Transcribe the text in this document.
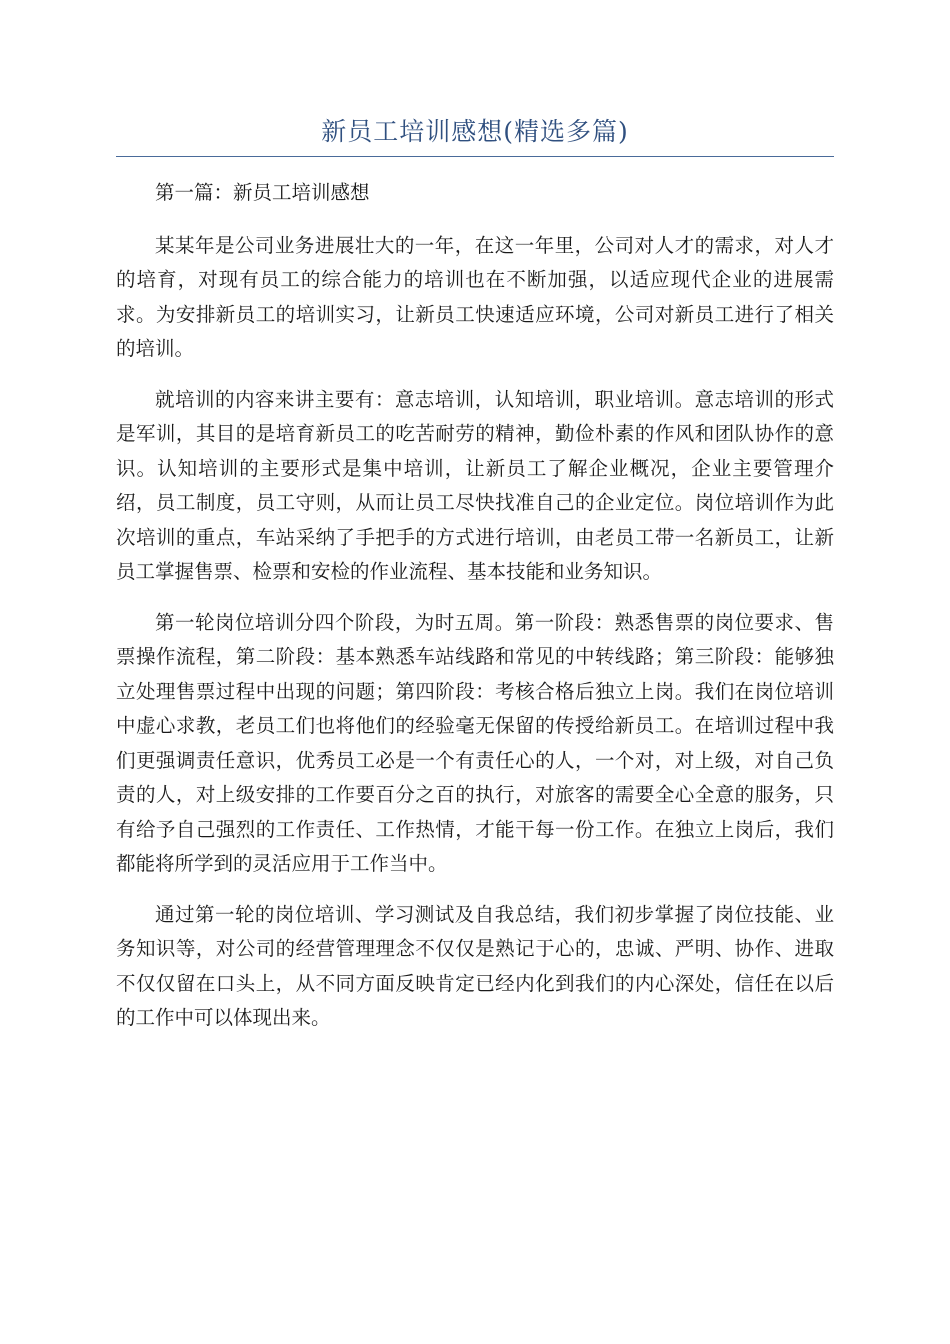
新员工培训感想(精选多篇)

第一篇：新员工培训感想

某某年是公司业务进展壮大的一年，在这一年里，公司对人才的需求，对人才的培育，对现有员工的综合能力的培训也在不断加强，以适应现代企业的进展需求。为安排新员工的培训实习，让新员工快速适应环境，公司对新员工进行了相关的培训。

就培训的内容来讲主要有：意志培训，认知培训，职业培训。意志培训的形式是军训，其目的是培育新员工的吃苦耐劳的精神，勤俭朴素的作风和团队协作的意识。认知培训的主要形式是集中培训，让新员工了解企业概况，企业主要管理介绍，员工制度，员工守则，从而让员工尽快找准自己的企业定位。岗位培训作为此次培训的重点，车站采纳了手把手的方式进行培训，由老员工带一名新员工，让新员工掌握售票、检票和安检的作业流程、基本技能和业务知识。

第一轮岗位培训分四个阶段，为时五周。第一阶段：熟悉售票的岗位要求、售票操作流程，第二阶段：基本熟悉车站线路和常见的中转线路；第三阶段：能够独立处理售票过程中出现的问题；第四阶段：考核合格后独立上岗。我们在岗位培训中虚心求教，老员工们也将他们的经验毫无保留的传授给新员工。在培训过程中我们更强调责任意识，优秀员工必是一个有责任心的人，一个对，对上级，对自己负责的人，对上级安排的工作要百分之百的执行，对旅客的需要全心全意的服务，只有给予自己强烈的工作责任、工作热情，才能干每一份工作。在独立上岗后，我们都能将所学到的灵活应用于工作当中。

通过第一轮的岗位培训、学习测试及自我总结，我们初步掌握了岗位技能、业务知识等，对公司的经营管理理念不仅仅是熟记于心的，忠诚、严明、协作、进取不仅仅留在口头上，从不同方面反映肯定已经内化到我们的内心深处，信任在以后的工作中可以体现出来。
